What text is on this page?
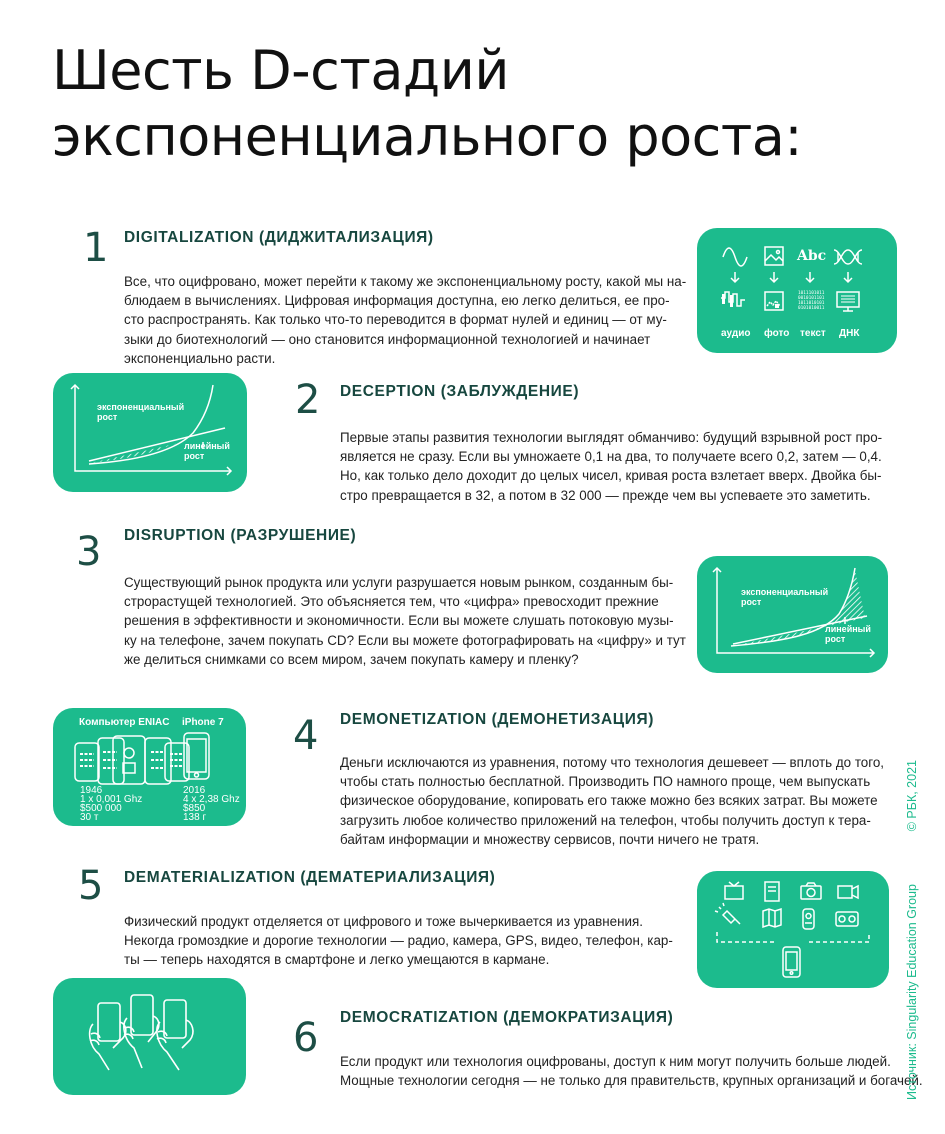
Шесть D-стадий
экспоненциального роста:
1 DIGITALIZATION (ДИДЖИТАЛИЗАЦИЯ)
Все, что оцифровано, может перейти к такому же экспоненциальному росту, какой мы на-
блюдаем в вычислениях. Цифровая информация доступна, ею легко делиться, ее про-
сто распространять. Как только что-то переводится в формат нулей и единиц — от му-
зыки до биотехнологий — оно становится информационной технологией и начинает
экспоненциально расти.
Abc
1011101011
0010101101
1011010101
0101010011
аудио фото текст ДНК
экспоненциальный
рост
линейный
рост
2 DECEPTION (ЗАБЛУЖДЕНИЕ)
Первые этапы развития технологии выглядят обманчиво: будущий взрывной рост про-
является не сразу. Если вы умножаете 0,1 на два, то получаете всего 0,2, затем — 0,4.
Но, как только дело доходит до целых чисел, кривая роста взлетает вверх. Двойка бы-
стро превращается в 32, а потом в 32 000 — прежде чем вы успеваете это заметить.
3 DISRUPTION (РАЗРУШЕНИЕ)
Существующий рынок продукта или услуги разрушается новым рынком, созданным бы-
строрастущей технологией. Это объясняется тем, что «цифра» превосходит прежние
решения в эффективности и экономичности. Если вы можете слушать потоковую музы-
ку на телефоне, зачем покупать CD? Если вы можете фотографировать на «цифру» и тут
же делиться снимками со всем миром, зачем покупать камеру и пленку?
экспоненциальный
рост
линейный
рост
Компьютер ENIAC iPhone 7
1946
1 x 0,001 Ghz
$500 000
30 т
2016
4 x 2,38 Ghz
$850
138 г
4 DEMONETIZATION (ДЕМОНЕТИЗАЦИЯ)
Деньги исключаются из уравнения, потому что технология дешевеет — вплоть до того,
чтобы стать полностью бесплатной. Производить ПО намного проще, чем выпускать
физическое оборудование, копировать его также можно без всяких затрат. Вы можете
загрузить любое количество приложений на телефон, чтобы получить доступ к тера-
байтам информации и множеству сервисов, почти ничего не тратя.
5 DEMATERIALIZATION (ДЕМАТЕРИАЛИЗАЦИЯ)
Физический продукт отделяется от цифрового и тоже вычеркивается из уравнения.
Некогда громоздкие и дорогие технологии — радио, камера, GPS, видео, телефон, кар-
ты — теперь находятся в смартфоне и легко умещаются в кармане.
6 DEMOCRATIZATION (ДЕМОКРАТИЗАЦИЯ)
Если продукт или технология оцифрованы, доступ к ним могут получить больше людей.
Мощные технологии сегодня — не только для правительств, крупных организаций и богачей.
Источник: Singularity Education Group
© РБК, 2021
